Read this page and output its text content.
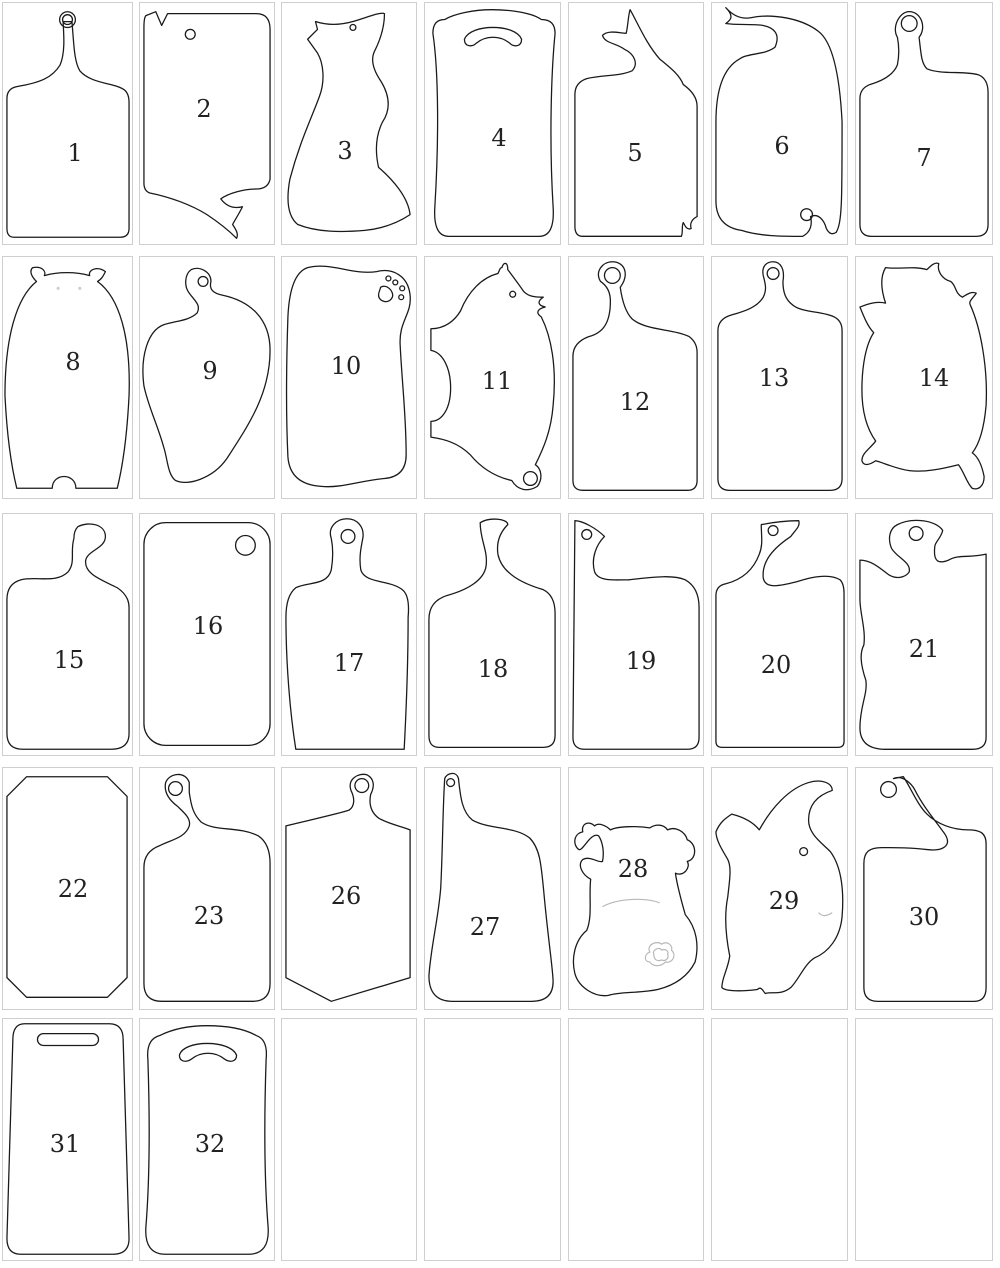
1
2
3	4
5	6	7
8	9	10
11
12
13	14
15
16
17	18	19	20
21
22
23
26
27
28
29
30
31	32
